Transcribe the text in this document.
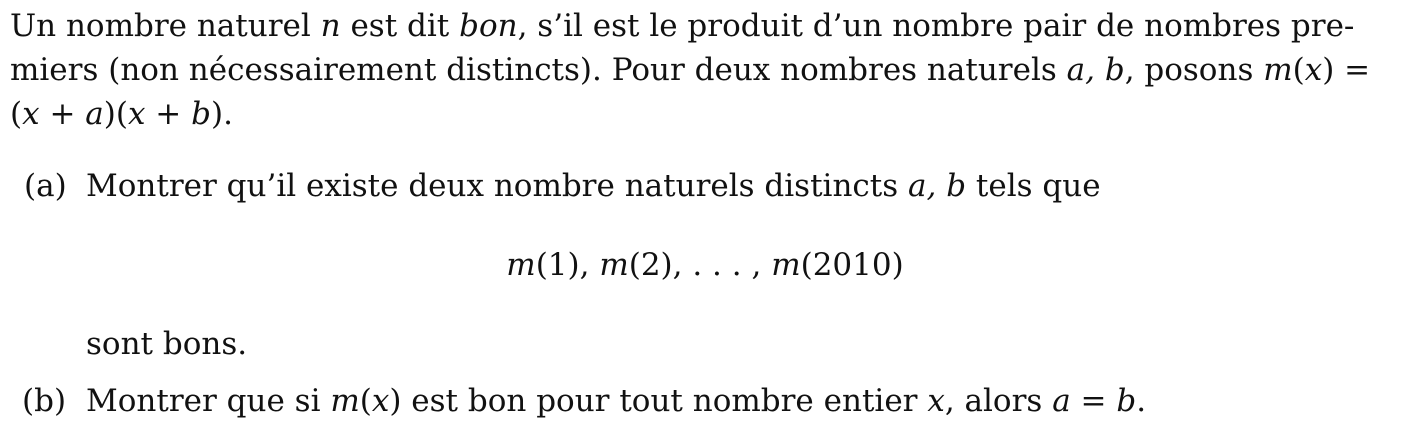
Un nombre naturel n est dit bon, s’il est le produit d’un nombre pair de nombres pre-
miers (non nécessairement distincts). Pour deux nombres naturels a, b, posons m(x) =
(x + a)(x + b).
(a) Montrer qu’il existe deux nombre naturels distincts a, b tels que
m(1), m(2), . . . , m(2010)
sont bons.
(b) Montrer que si m(x) est bon pour tout nombre entier x, alors a = b.
